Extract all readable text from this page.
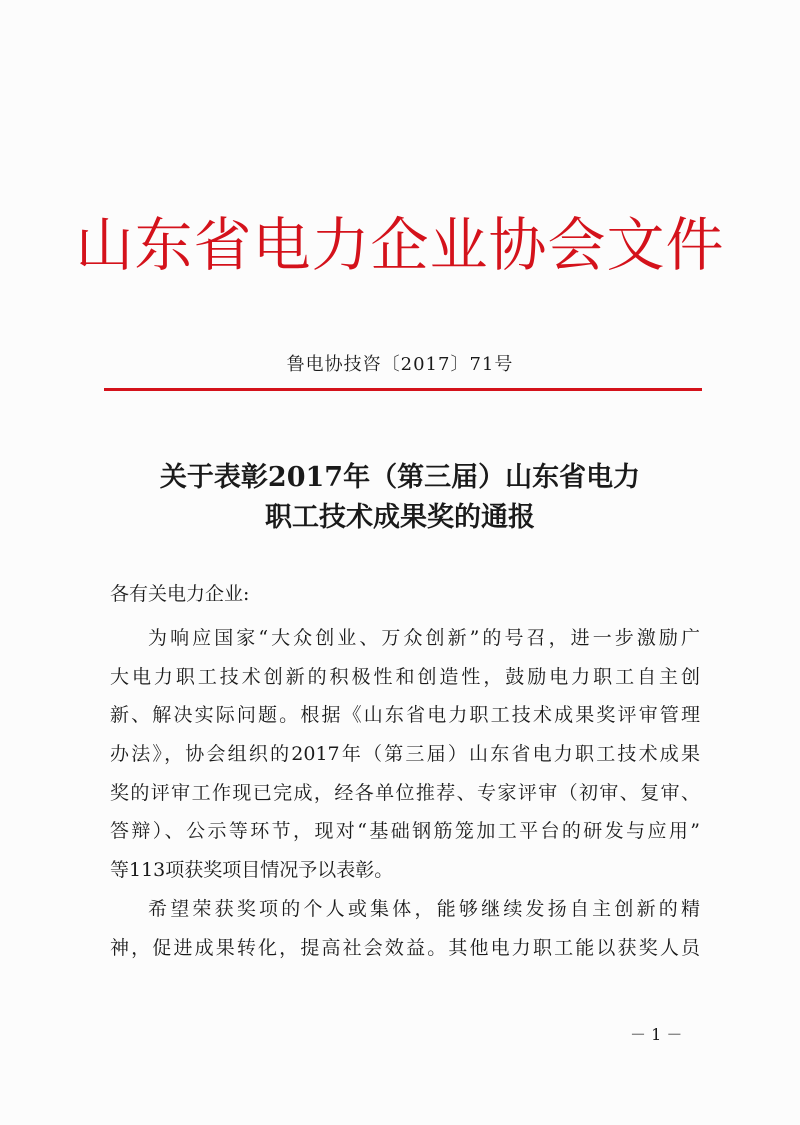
山东省电力企业协会文件
鲁电协技咨〔2017〕71号
关于表彰2017年（第三届）山东省电力
职工技术成果奖的通报
各有关电力企业:
为响应国家“大众创业、万众创新”的号召，进一步激励广
大电力职工技术创新的积极性和创造性，鼓励电力职工自主创
新、解决实际问题。根据《山东省电力职工技术成果奖评审管理
办法》，协会组织的2017年（第三届）山东省电力职工技术成果
奖的评审工作现已完成，经各单位推荐、专家评审（初审、复审、
答辩）、公示等环节，现对“基础钢筋笼加工平台的研发与应用”
等113项获奖项目情况予以表彰。
希望荣获奖项的个人或集体，能够继续发扬自主创新的精
神，促进成果转化，提高社会效益。其他电力职工能以获奖人员
－ 1 －
